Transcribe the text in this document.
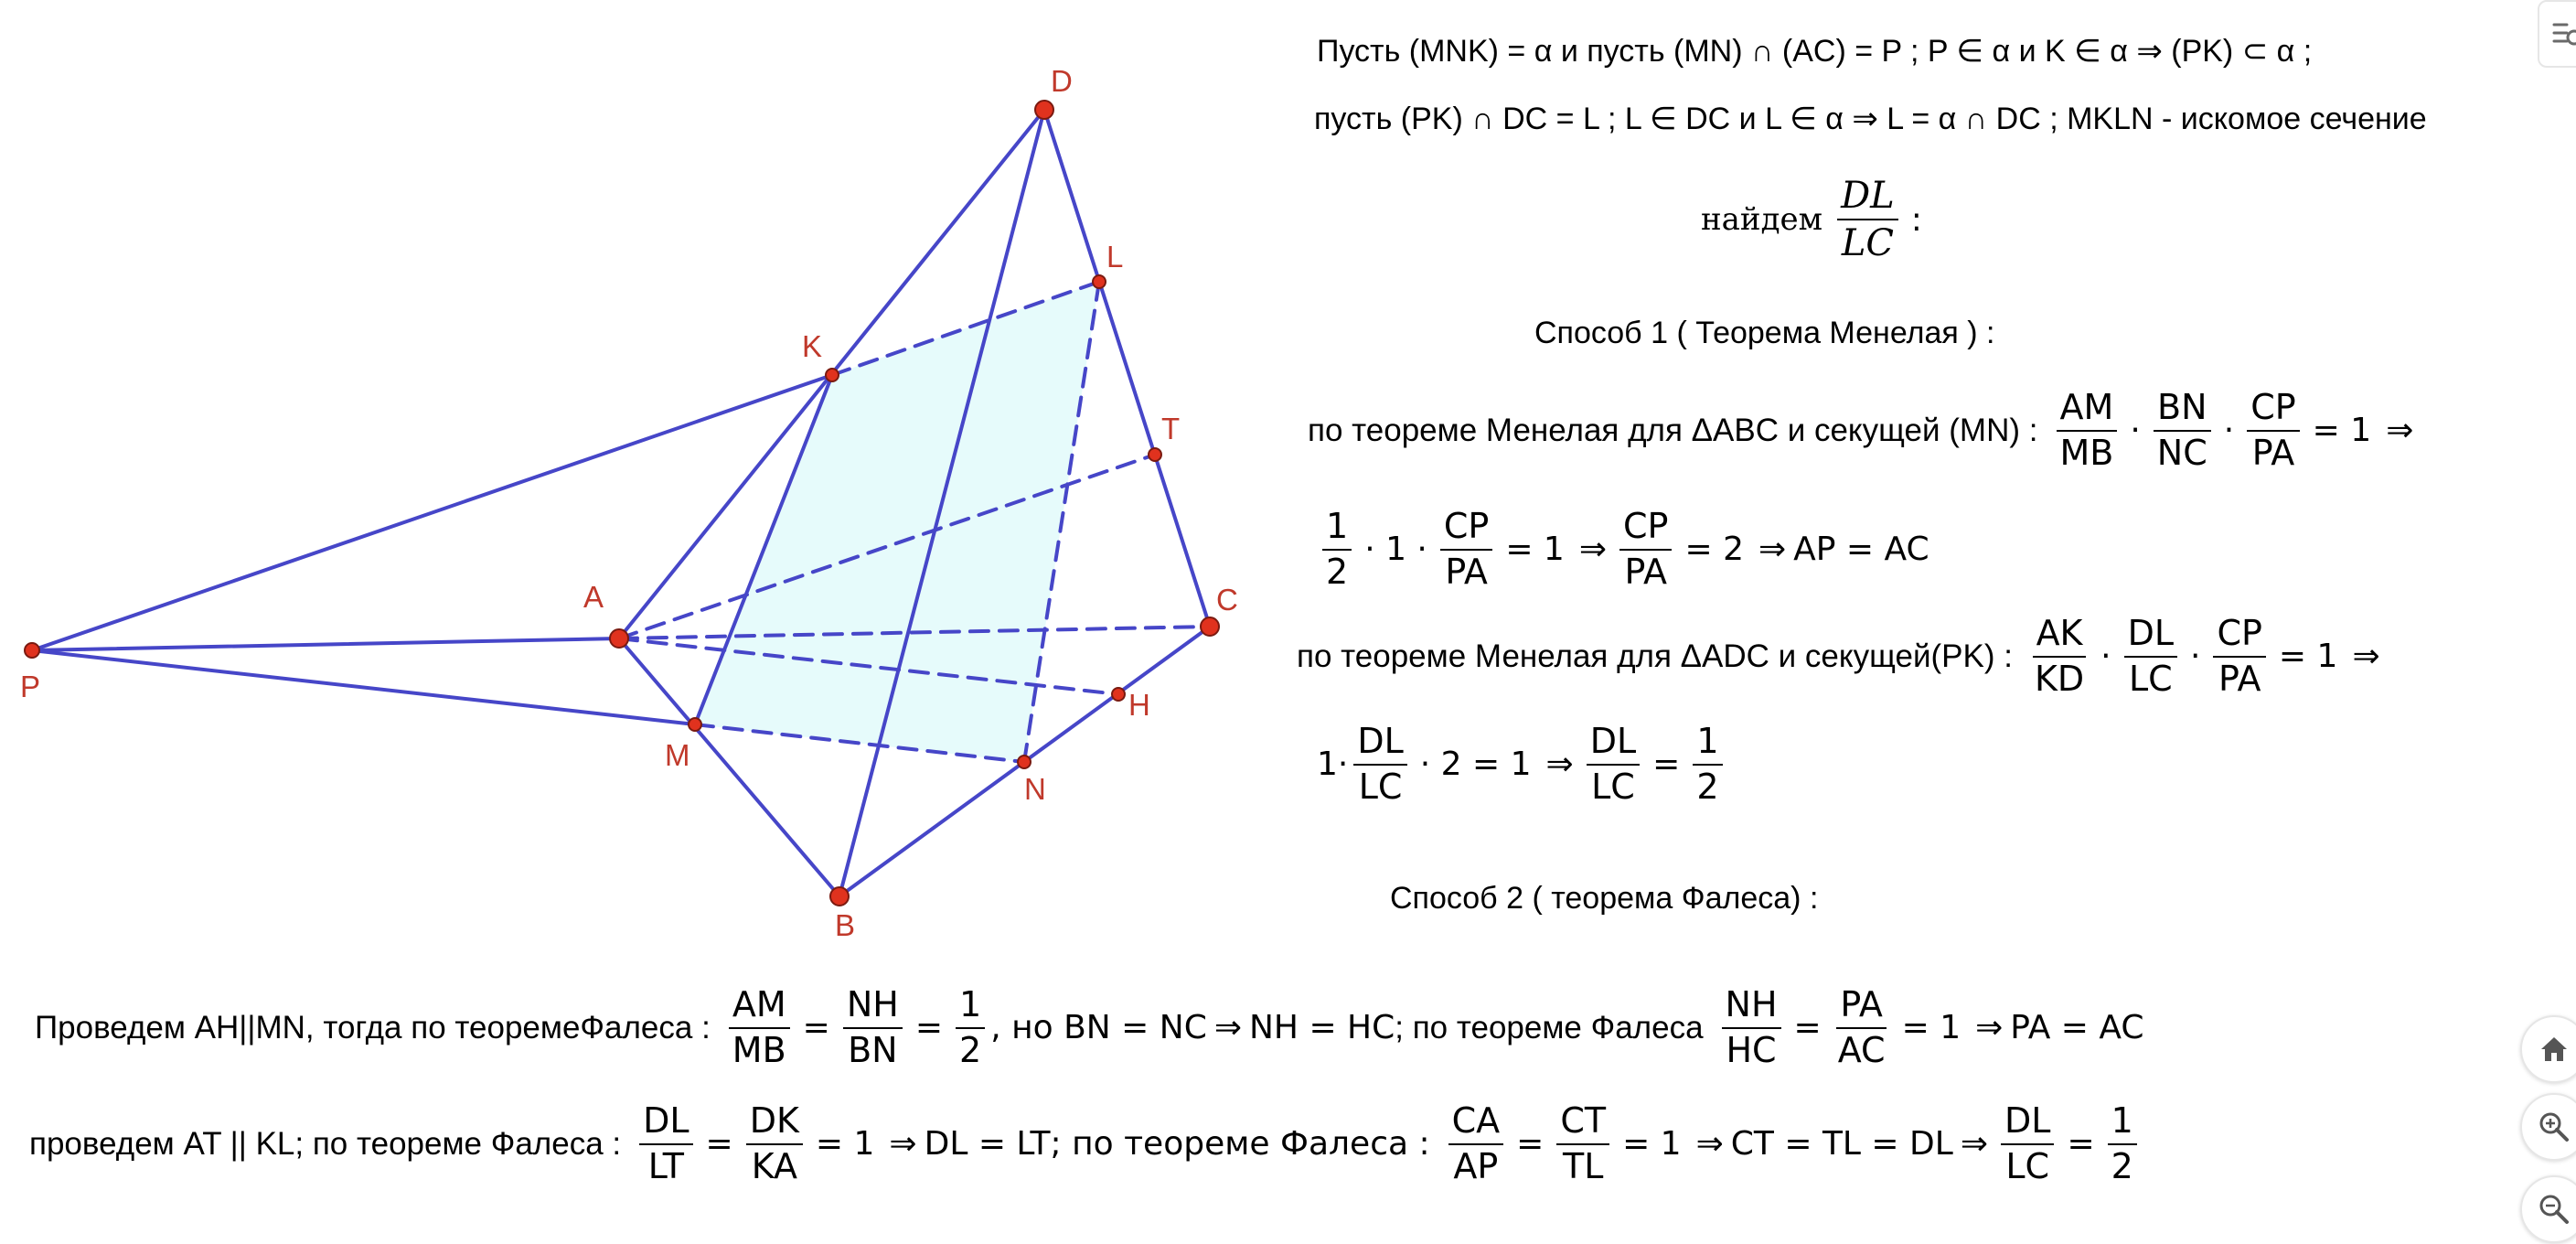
P
A
B
C
D
K
L
M
N
T
H
Пусть (MNK) = α и пусть (MN) ∩ (AC) = P ; P ∈ α и K ∈ α ⇒ (PK) ⊂ α ;
пусть (PK) ∩ DC = L ; L ∈ DC и L ∈ α ⇒ L = α ∩ DC ; MKLN - искомое сечение
найдем $\frac{DL}{LC}$ :
Способ 1 ( Теорема Менелая ) :
по теореме Менелая для ΔABC и секущей (MN) : $\frac{AM}{MB} \cdot \frac{BN}{NC} \cdot \frac{CP}{PA} = 1$ ⇒
$\frac{1}{2} \cdot 1 \cdot \frac{CP}{PA} = 1$ ⇒ $\frac{CP}{PA} = 2$ ⇒ AP = AC
по теореме Менелая для ΔADC и секущей(PK) : $\frac{AK}{KD} \cdot \frac{DL}{LC} \cdot \frac{CP}{PA} = 1$ ⇒
$1\cdot \frac{DL}{LC} \cdot 2 = 1$ ⇒ $\frac{DL}{LC} = \frac{1}{2}$
Способ 2 ( теорема Фалеса) :
Проведем AH||MN, тогда по теоремеФалеса : $\frac{AM}{MB} = \frac{NH}{BN} = \frac{1}{2}$ , но BN = NC ⇒ NH = HC ; по теореме Фалеса $\frac{NH}{HC} = \frac{PA}{AC} = 1$ ⇒ PA = AC
проведем AT || KL; по теореме Фалеса : $\frac{DL}{LT} = \frac{DK}{KA} = 1$ ⇒ DL = LT; по теореме Фалеса : $\frac{CA}{AP} = \frac{CT}{TL} = 1$ ⇒ CT = TL = DL ⇒ $\frac{DL}{LC} = \frac{1}{2}$
